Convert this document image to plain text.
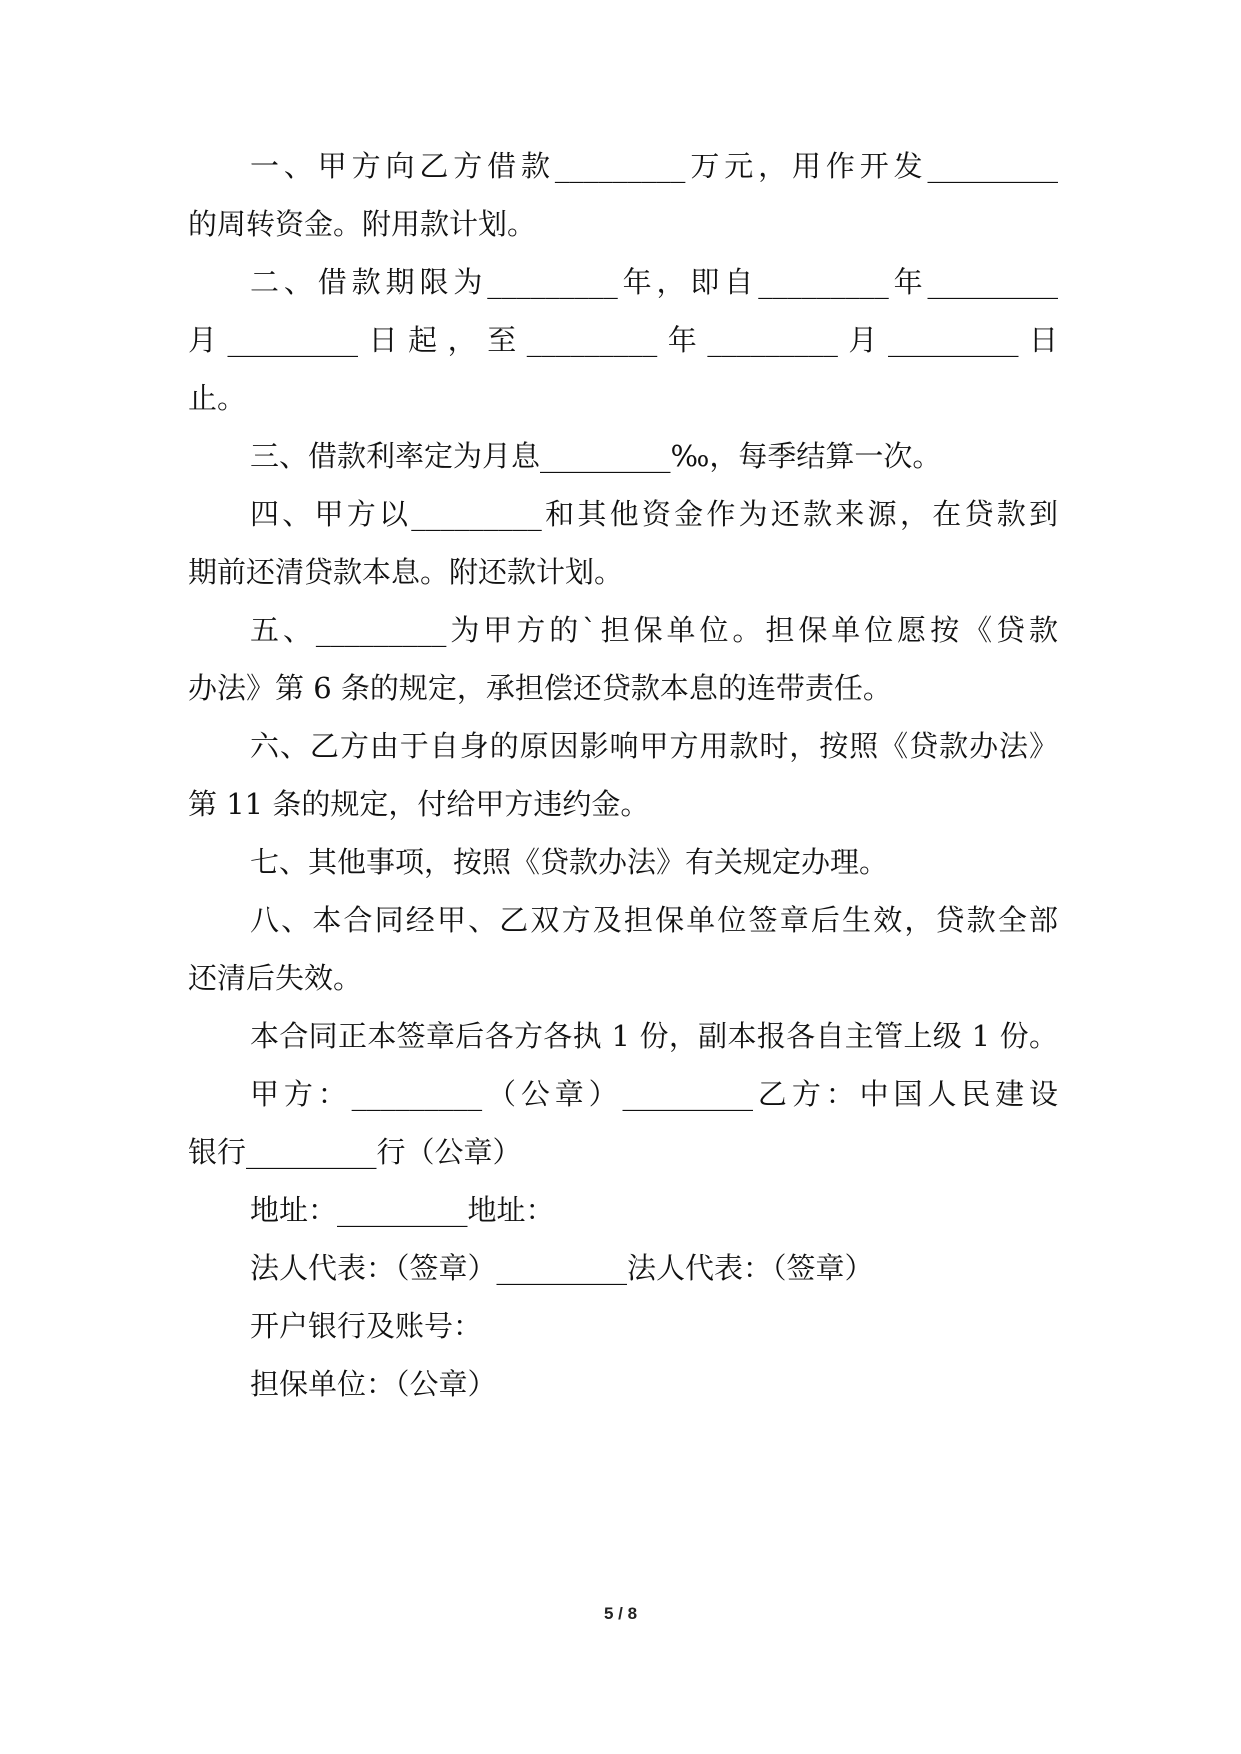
一、甲方向乙方借款_________万元，用作开发_________
的周转资金。附用款计划。
二、借款期限为_________年，即自_________年_________
月_________日起，至_________年_________月_________日
止。
三、借款利率定为月息_________‰，每季结算一次。
四、甲方以_________和其他资金作为还款来源，在贷款到
期前还清贷款本息。附还款计划。
五、_________为甲方的`担保单位。担保单位愿按《贷款
办法》第 6 条的规定，承担偿还贷款本息的连带责任。
六、乙方由于自身的原因影响甲方用款时，按照《贷款办法》
第 11 条的规定，付给甲方违约金。
七、其他事项，按照《贷款办法》有关规定办理。
八、本合同经甲、乙双方及担保单位签章后生效，贷款全部
还清后失效。
本合同正本签章后各方各执 1 份，副本报各自主管上级 1 份。
甲方：_________（公章）_________乙方：中国人民建设
银行_________行（公章）
地址：_________地址：
法人代表：（签章）_________法人代表：（签章）
开户银行及账号：
担保单位：（公章）
5 / 8
